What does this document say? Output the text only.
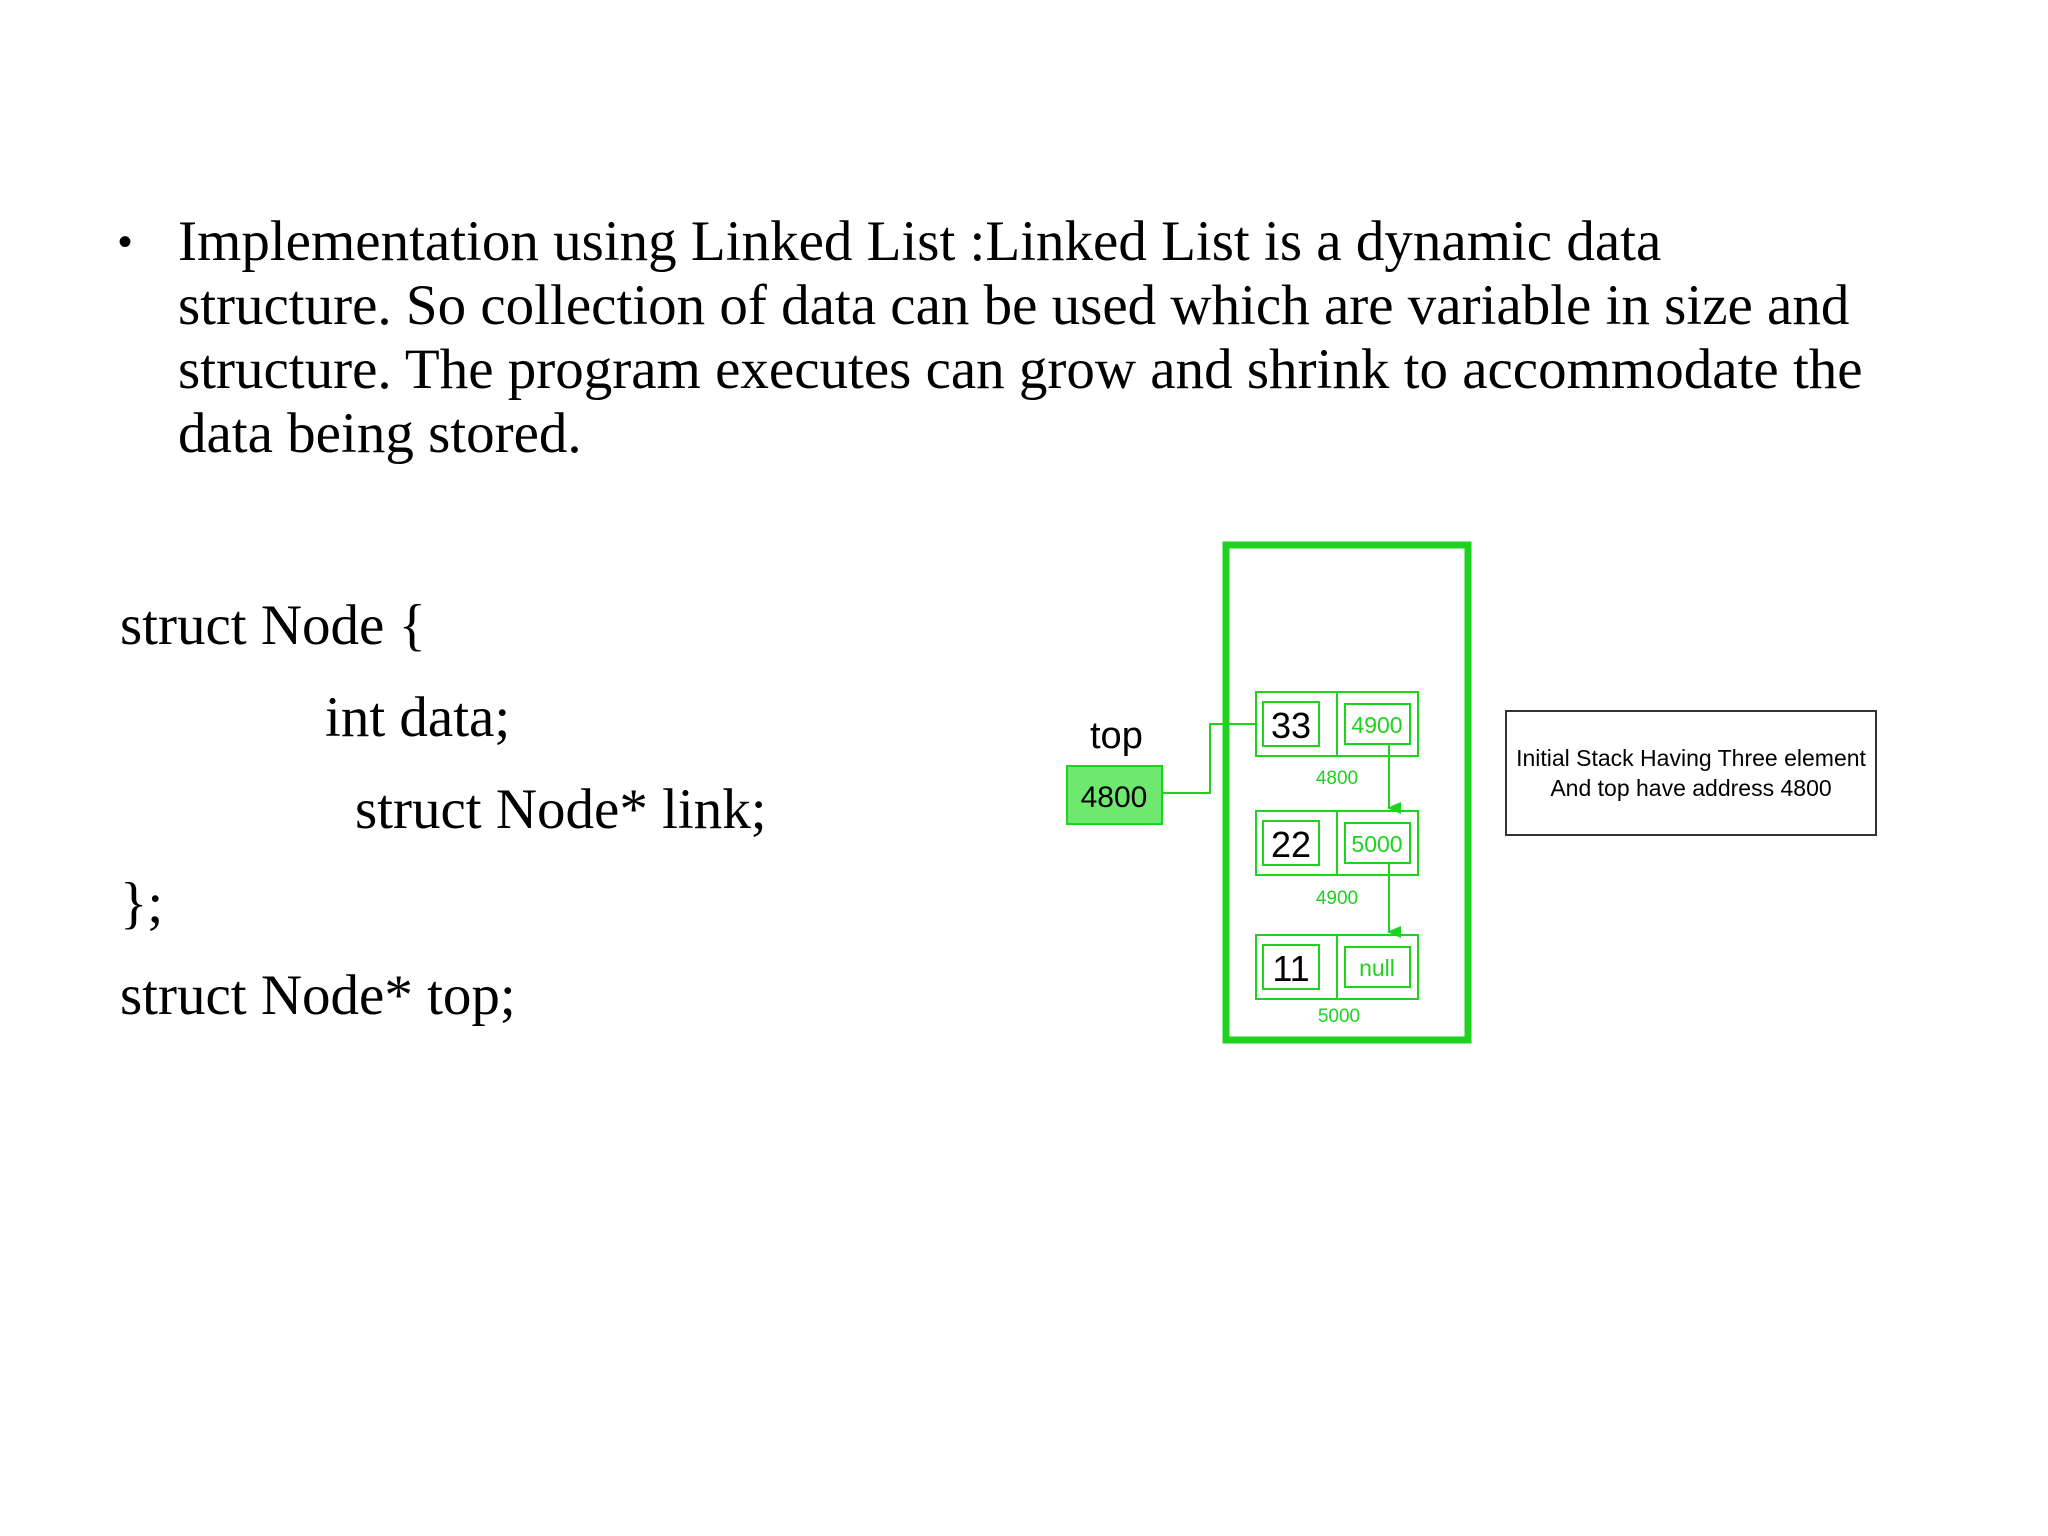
• Implementation using Linked List :Linked List is a dynamic data structure. So collection of data can be used which are variable in size and structure. The program executes can grow and shrink to accommodate the data being stored.
struct Node {
int data;
struct Node* link;
};
struct Node* top;
top
4800
33 4900
4800
22 5000
4900
11 null
5000
Initial Stack Having Three element
And top have address 4800
